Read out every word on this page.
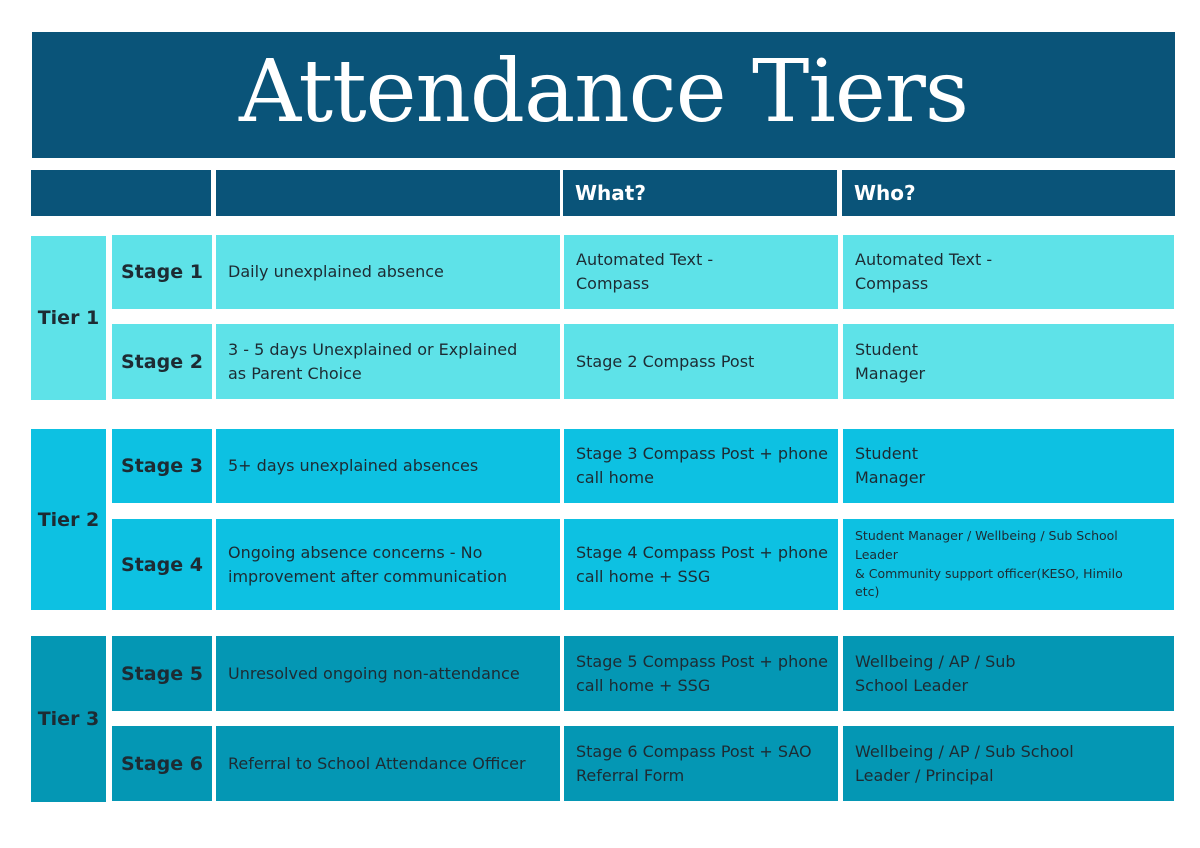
Attendance Tiers
What?	Who?
Tier 1
Stage 1 Daily unexplained absence
Automated Text -
Compass
Automated Text -
Compass
Stage 2
3 - 5 days Unexplained or Explained
as Parent Choice
Stage 2 Compass Post
Student
Manager
Tier 2
Stage 3 5+ days unexplained absences
Stage 3 Compass Post + phone
call home
Student
Manager
Stage 4
Ongoing absence concerns - No
improvement after communication
Stage 4 Compass Post + phone
call home + SSG
Student Manager / Wellbeing / Sub School
Leader
& Community support officer(KESO, Himilo
etc)
Tier 3
Stage 5 Unresolved ongoing non-attendance
Stage 5 Compass Post + phone
call home + SSG
Wellbeing / AP / Sub
School Leader
Stage 6 Referral to School Attendance Officer
Stage 6 Compass Post + SAO
Referral Form
Wellbeing / AP / Sub School
Leader / Principal
